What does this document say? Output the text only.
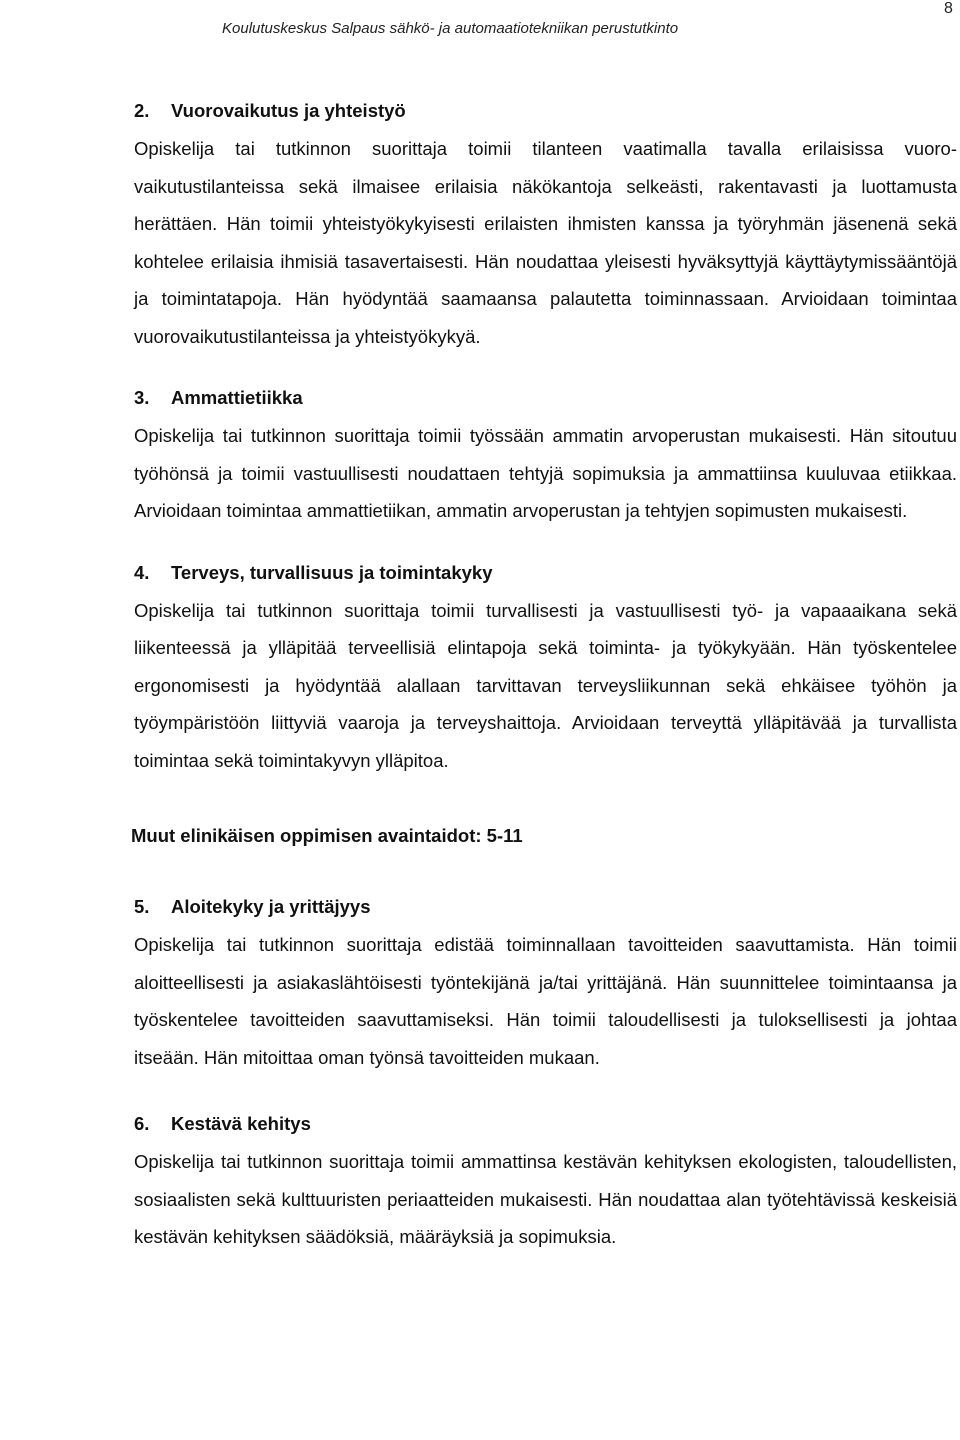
Koulutuskeskus Salpaus sähkö- ja automaatiotekniikan perustutkinto
8
2. Vuorovaikutus ja yhteistyö

Opiskelija tai tutkinnon suorittaja toimii tilanteen vaatimalla tavalla erilaisissa vuorovaikutustilanteissa sekä ilmaisee erilaisia näkökantoja selkeästi, rakentavasti ja luottamusta herättäen. Hän toimii yhteistyökykyisesti erilaisten ihmisten kanssa ja työryhmän jäsenenä sekä kohtelee erilaisia ihmisiä tasavertaisesti. Hän noudattaa yleisesti hyväksyttyjä käyttäytymissääntöjä ja toimintatapoja. Hän hyödyntää saamaansa palautetta toiminnassaan. Arvioidaan toimintaa vuorovaikutustilanteissa ja yhteistyökykyä.

3. Ammattietiikka

Opiskelija tai tutkinnon suorittaja toimii työssään ammatin arvoperustan mukaisesti. Hän sitoutuu työhönsä ja toimii vastuullisesti noudattaen tehtyjä sopimuksia ja ammattiinsa kuuluvaa etiikkaa. Arvioidaan toimintaa ammattietiikan, ammatin arvoperustan ja tehtyjen sopimusten mukaisesti.

4. Terveys, turvallisuus ja toimintakyky

Opiskelija tai tutkinnon suorittaja toimii turvallisesti ja vastuullisesti työ- ja vapaaaikana sekä liikenteessä ja ylläpitää terveellisiä elintapoja sekä toiminta- ja työkykyään. Hän työskentelee ergonomisesti ja hyödyntää alallaan tarvittavan terveysliikunnan sekä ehkäisee työhön ja työympäristöön liittyviä vaaroja ja terveyshaittoja. Arvioidaan terveyttä ylläpitävää ja turvallista toimintaa sekä toimintakyvyn ylläpitoa.

Muut elinikäisen oppimisen avaintaidot: 5-11
5. Aloitekyky ja yrittäjyys

Opiskelija tai tutkinnon suorittaja edistää toiminnallaan tavoitteiden saavuttamista. Hän toimii aloitteellisesti ja asiakaslähtöisesti työntekijänä ja/tai yrittäjänä. Hän suunnittelee toimintaansa ja työskentelee tavoitteiden saavuttamiseksi. Hän toimii taloudellisesti ja tuloksellisesti ja johtaa itseään. Hän mitoittaa oman työnsä tavoitteiden mukaan.

6. Kestävä kehitys

Opiskelija tai tutkinnon suorittaja toimii ammattinsa kestävän kehityksen ekologisten, taloudellisten, sosiaalisten sekä kulttuuristen periaatteiden mukaisesti. Hän noudattaa alan työtehtävissä keskeisiä kestävän kehityksen säädöksiä, määräyksiä ja sopimuksia.
